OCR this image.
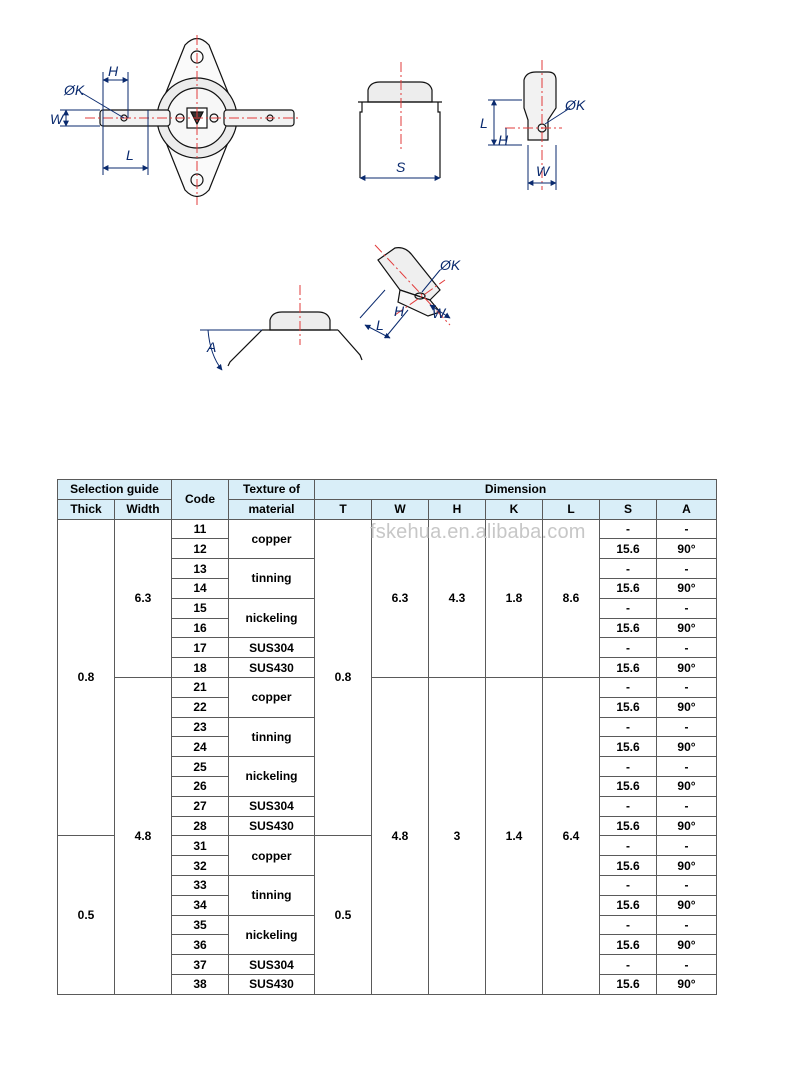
H
ØK
W
L
S
L
H
W
ØK
A
ØK
H
L
W
Selection guide		Code	Texture of	Dimension						
Thick	Width		material	T	W	H	K	L	S	A
0.8	6.3	11	copper	0.8	6.3	4.3	1.8	8.6	-	-
		12							15.6	90°
		13	tinning						-	-
		14							15.6	90°
		15	nickeling						-	-
		16							15.6	90°
		17	SUS304						-	-
		18	SUS430						15.6	90°
	4.8	21	copper		4.8	3	1.4	6.4	-	-
		22							15.6	90°
		23	tinning						-	-
		24							15.6	90°
		25	nickeling						-	-
		26							15.6	90°
		27	SUS304						-	-
		28	SUS430						15.6	90°
0.5		31	copper	0.5					-	-
		32							15.6	90°
		33	tinning						-	-
		34							15.6	90°
		35	nickeling						-	-
		36							15.6	90°
		37	SUS304						-	-
		38	SUS430						15.6	90°
fskehua.en.alibaba.com
